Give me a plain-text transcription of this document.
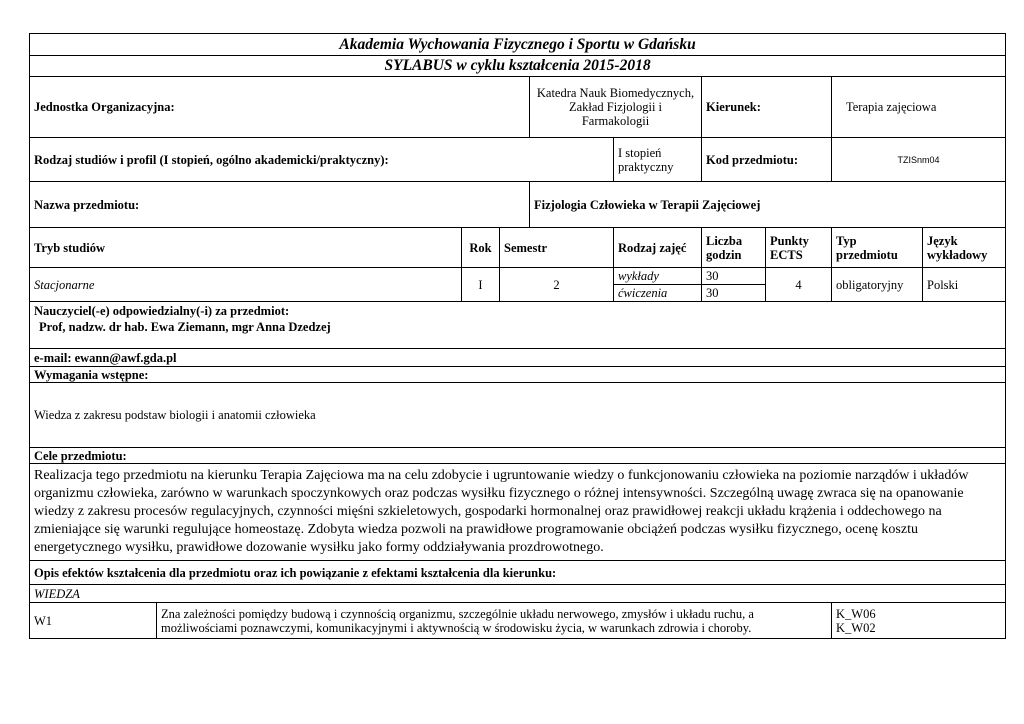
Akademia Wychowania Fizycznego i Sportu w Gdańsku									
SYLABUS w cyklu kształcenia 2015-2018									
Jednostka Organizacyjna:				Katedra Nauk Biomedycznych, Zakład Fizjologii i Farmakologii		Kierunek:		Terapia zajęciowa	
Rodzaj studiów i profil (I stopień, ogólno akademicki/praktyczny):					I stopień praktyczny	Kod przedmiotu:		TZISnm04	
Nazwa przedmiotu:				Fizjologia Człowieka w Terapii Zajęciowej					
Tryb studiów		Rok	Semestr		Rodzaj zajęć	Liczba godzin	Punkty ECTS	Typ przedmiotu	Język wykładowy
Stacjonarne		I	2		wykłady	30	4	obligatoryjny	Polski
					ćwiczenia	30			

Nauczyciel(-e) odpowiedzialny(-i) za przedmiot:
Prof, nadzw. dr hab. Ewa Ziemann, mgr Anna Dzedzej									

e-mail: ewann@awf.gda.pl									
Wymagania wstępne:									
Wiedza z zakresu podstaw biologii i anatomii człowieka									
Cele przedmiotu:									
Realizacja tego przedmiotu na kierunku Terapia Zajęciowa ma na celu zdobycie i ugruntowanie wiedzy o funkcjonowaniu człowieka na poziomie narządów i układów organizmu człowieka, zarówno w warunkach spoczynkowych oraz podczas wysiłku fizycznego o różnej intensywności. Szczególną uwagę zwraca się na opanowanie wiedzy z zakresu procesów regulacyjnych, czynności mięśni szkieletowych, gospodarki hormonalnej oraz prawidłowej reakcji układu krążenia i oddechowego na zmieniające się warunki regulujące homeostazę. Zdobyta wiedza pozwoli na prawidłowe programowanie obciążeń podczas wysiłku fizycznego, ocenę kosztu energetycznego wysiłku, prawidłowe dozowanie wysiłku jako formy oddziaływania prozdrowotnego.									
Opis efektów kształcenia dla przedmiotu oraz ich powiązanie z efektami kształcenia dla kierunku:									
WIEDZA									
W1	Zna zależności pomiędzy budową i czynnością organizmu, szczególnie układu nerwowego, zmysłów i układu ruchu, a możliwościami poznawczymi, komunikacyjnymi i aktywnością w środowisku życia, w warunkach zdrowia i choroby.							K_W06
K_W02	
